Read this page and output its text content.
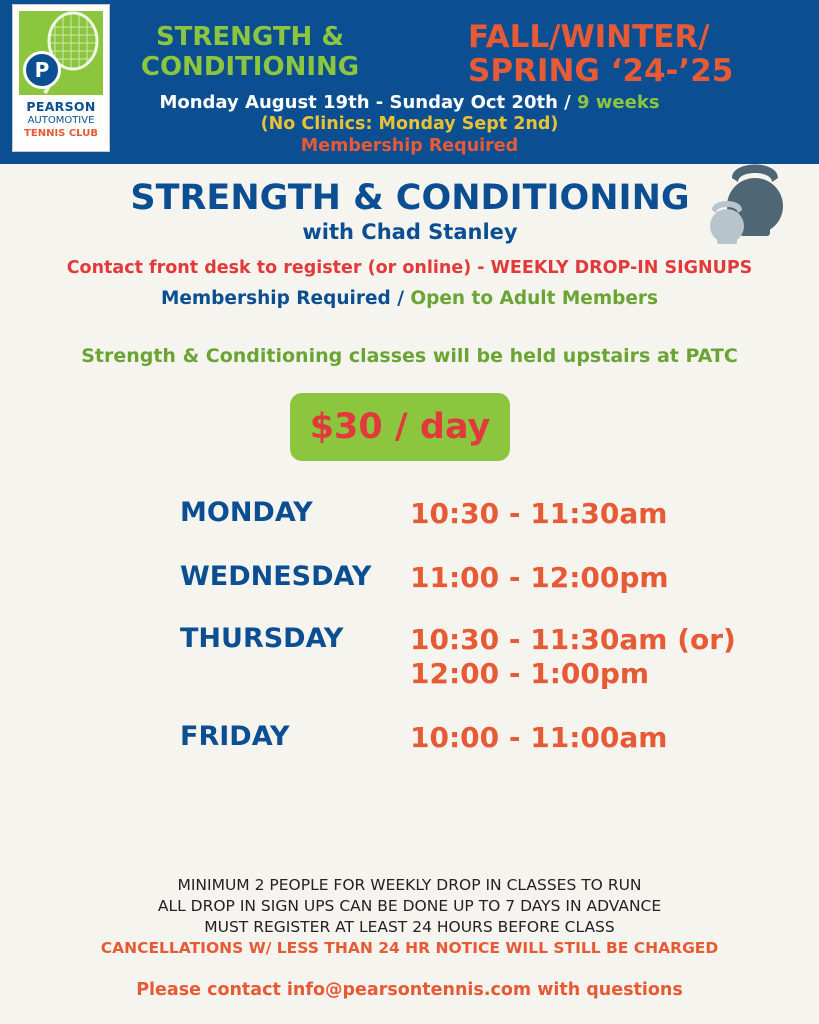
P
PEARSON
AUTOMOTIVE
TENNIS CLUB
STRENGTH &
CONDITIONING
FALL/WINTER/
SPRING ‘24-’25
Monday August 19th - Sunday Oct 20th / 9 weeks
(No Clinics: Monday Sept 2nd)
Membership Required
STRENGTH & CONDITIONING
with Chad Stanley
Contact front desk to register (or online) - WEEKLY DROP-IN SIGNUPS
Membership Required / Open to Adult Members
Strength & Conditioning classes will be held upstairs at PATC
$30 / day
MONDAY	10:30 - 11:30am
WEDNESDAY 11:00 - 12:00pm
THURSDAY 10:30 - 11:30am (or)
12:00 - 1:00pm
FRIDAY	10:00 - 11:00am
MINIMUM 2 PEOPLE FOR WEEKLY DROP IN CLASSES TO RUN
ALL DROP IN SIGN UPS CAN BE DONE UP TO 7 DAYS IN ADVANCE
MUST REGISTER AT LEAST 24 HOURS BEFORE CLASS
CANCELLATIONS W/ LESS THAN 24 HR NOTICE WILL STILL BE CHARGED
Please contact info@pearsontennis.com with questions
